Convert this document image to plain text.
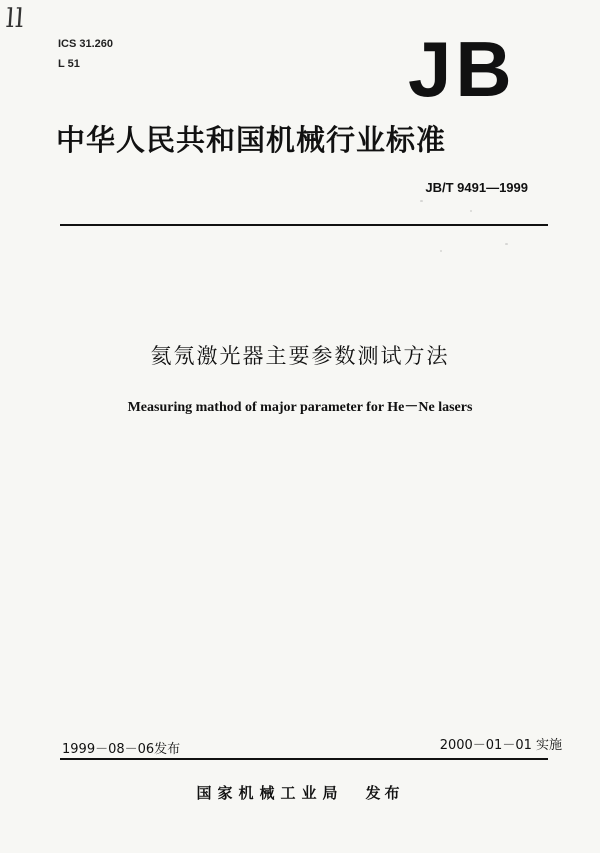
ll
ICS 31.260
L 51	JB
中华人民共和国机械行业标准
JB/T 9491—1999
氦氖激光器主要参数测试方法
Measuring mathod of major parameter for He－Ne lasers
1999－08－06发布	2000－01－01 实施
国家机械工业局 发布
